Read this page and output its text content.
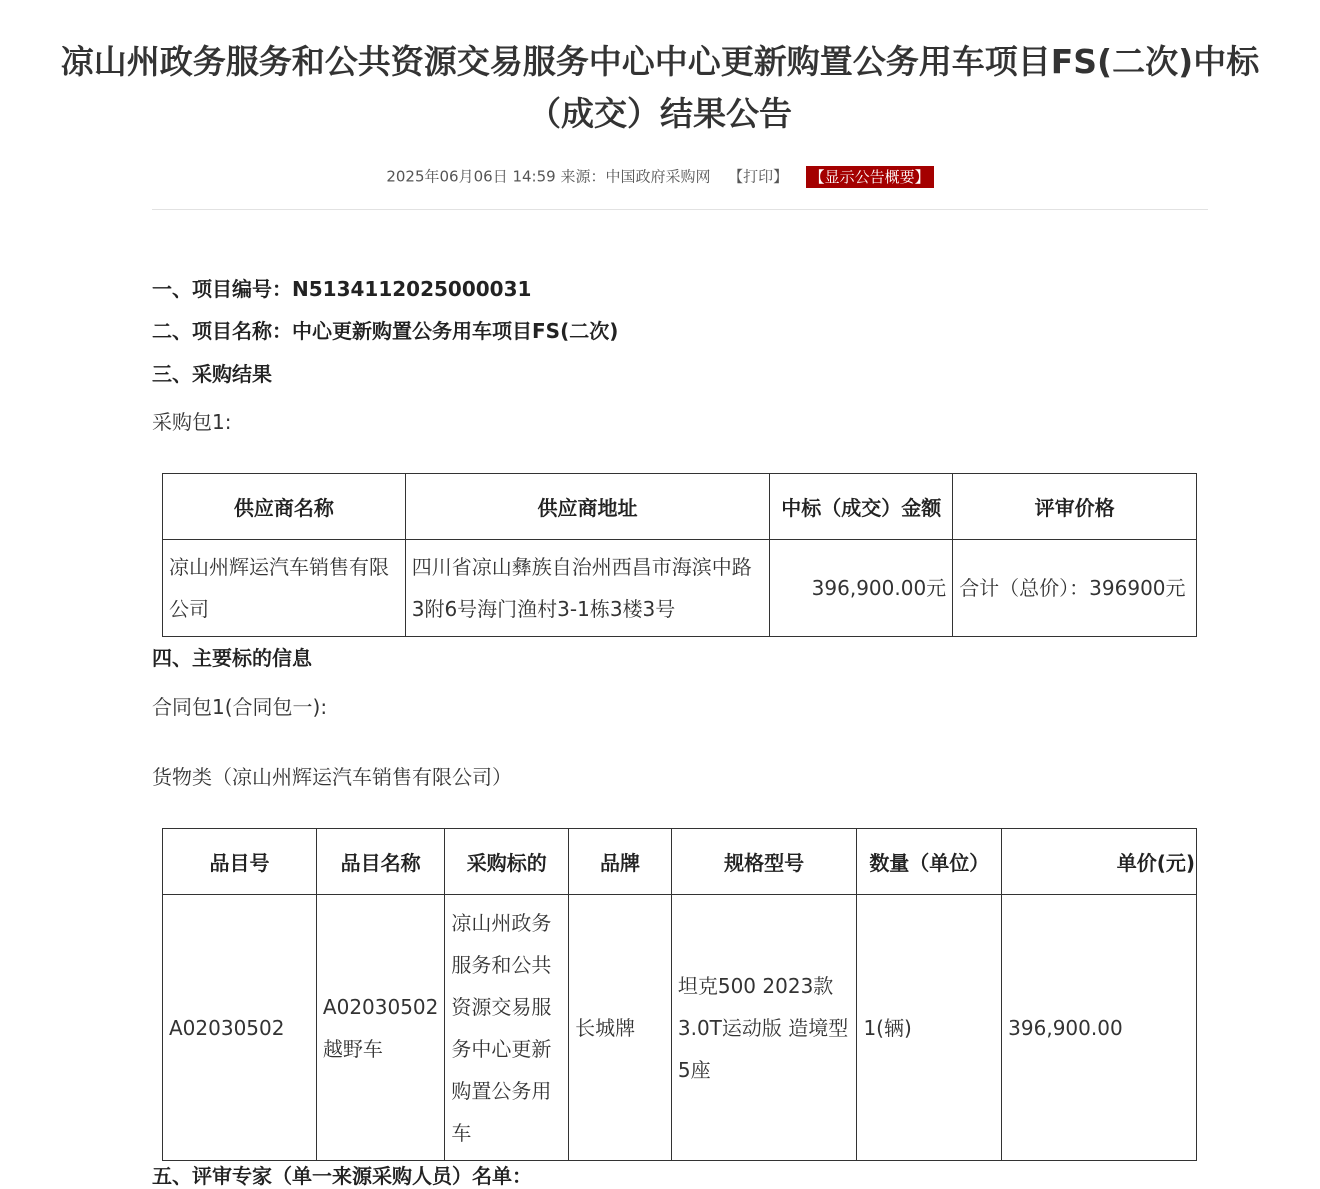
凉山州政务服务和公共资源交易服务中心中心更新购置公务用车项目FS(二次)中标
（成交）结果公告
2025年06月06日 14:59 来源：中国政府采购网 【打印】 【显示公告概要】
一、项目编号：N5134112025000031
二、项目名称：中心更新购置公务用车项目FS(二次)
三、采购结果
采购包1:
四、主要标的信息
合同包1(合同包一):
货物类（凉山州辉运汽车销售有限公司）
供应商名称	供应商地址	中标（成交）金额	评审价格
凉山州辉运汽车销售有限公司	四川省凉山彝族自治州西昌市海滨中路3附6号海门渔村3-1栋3楼3号	396,900.00元	合计（总价）：396900元
品目号	品目名称	采购标的	品牌	规格型号	数量（单位）	单价(元)
A02030502	A02030502越野车	凉山州政务服务和公共资源交易服务中心更新购置公务用车	长城牌	坦克500 2023款 3.0T运动版 造境型 5座	1(辆)	396,900.00
五、评审专家（单一来源采购人员）名单：
